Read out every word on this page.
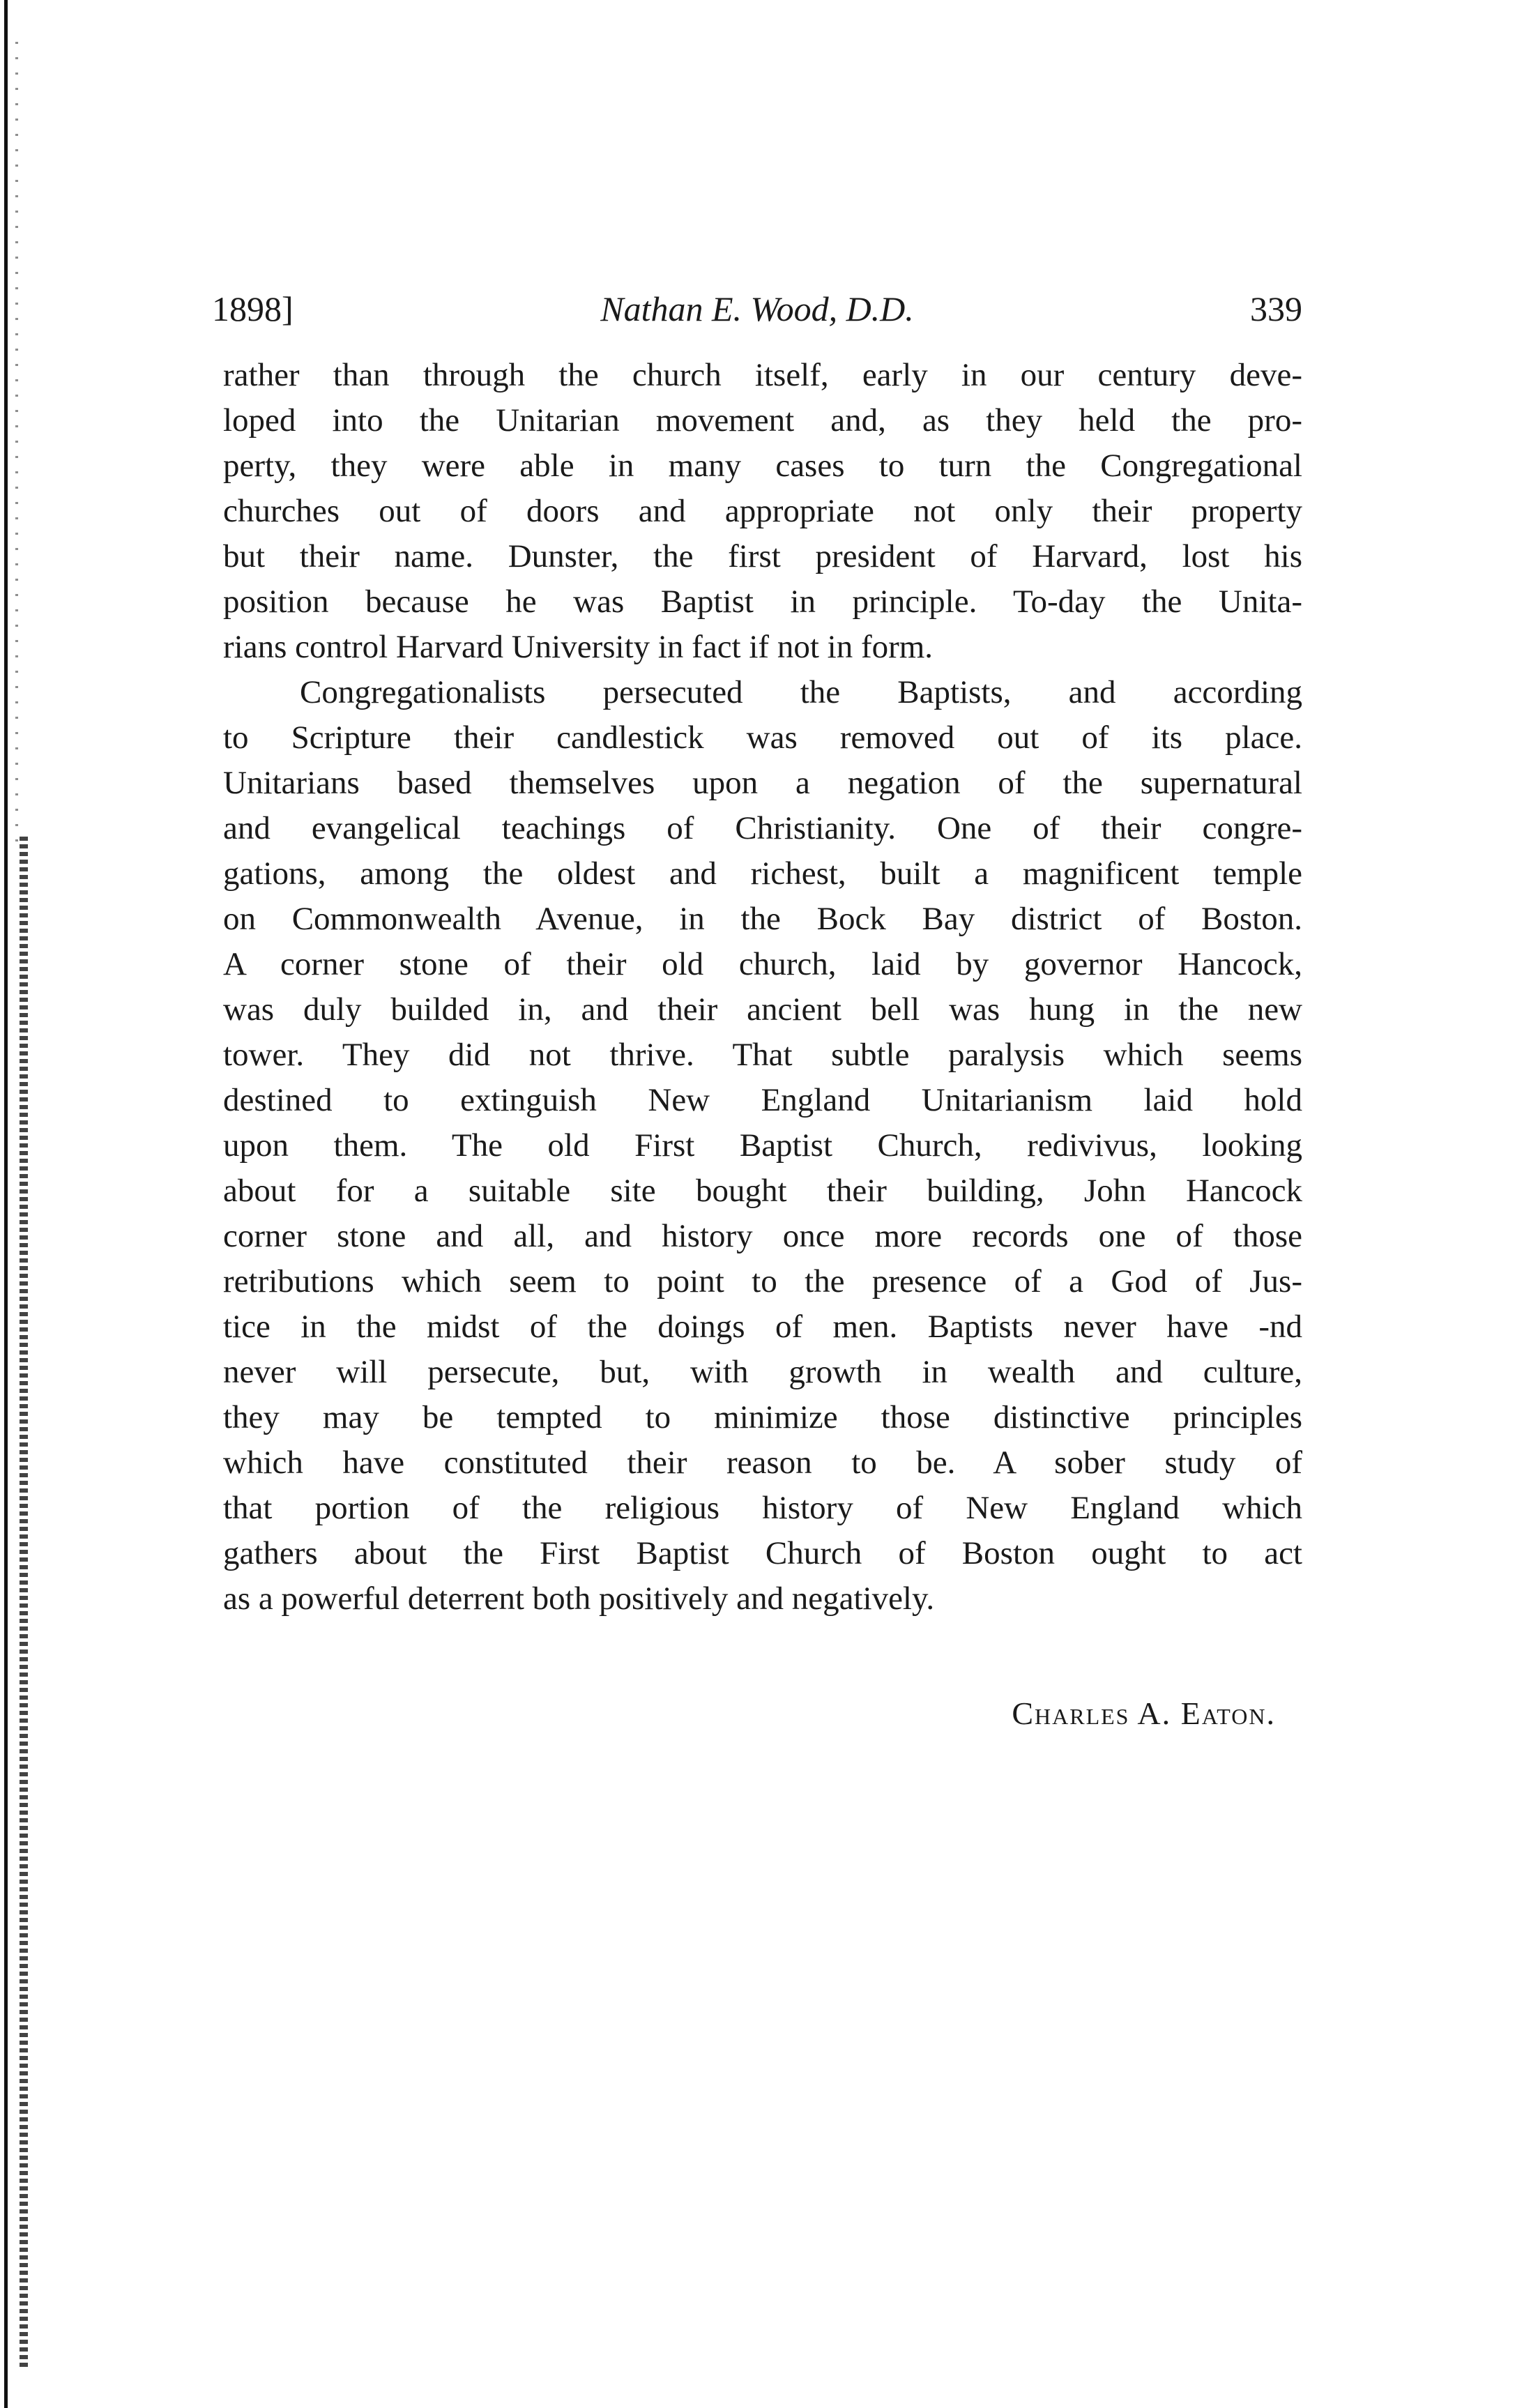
1898]	Nathan E. Wood, D.D.	339
rather than through the church itself, early in our century deve-
loped into the Unitarian movement and, as they held the pro-
perty, they were able in many cases to turn the Congregational
churches out of doors and appropriate not only their property
but their name. Dunster, the first president of Harvard, lost his
position because he was Baptist in principle. To-day the Unita-
rians control Harvard University in fact if not in form.
Congregationalists persecuted the Baptists, and according
to Scripture their candlestick was removed out of its place.
Unitarians based themselves upon a negation of the supernatural
and evangelical teachings of Christianity. One of their congre-
gations, among the oldest and richest, built a magnificent temple
on Commonwealth Avenue, in the Bock Bay district of Boston.
A corner stone of their old church, laid by governor Hancock,
was duly builded in, and their ancient bell was hung in the new
tower. They did not thrive. That subtle paralysis which seems
destined to extinguish New England Unitarianism laid hold
upon them. The old First Baptist Church, redivivus, looking
about for a suitable site bought their building, John Hancock
corner stone and all, and history once more records one of those
retributions which seem to point to the presence of a God of Jus-
tice in the midst of the doings of men. Baptists never have -nd
never will persecute, but, with growth in wealth and culture,
they may be tempted to minimize those distinctive principles
which have constituted their reason to be. A sober study of
that portion of the religious history of New England which
gathers about the First Baptist Church of Boston ought to act
as a powerful deterrent both positively and negatively.
Charles A. Eaton.
